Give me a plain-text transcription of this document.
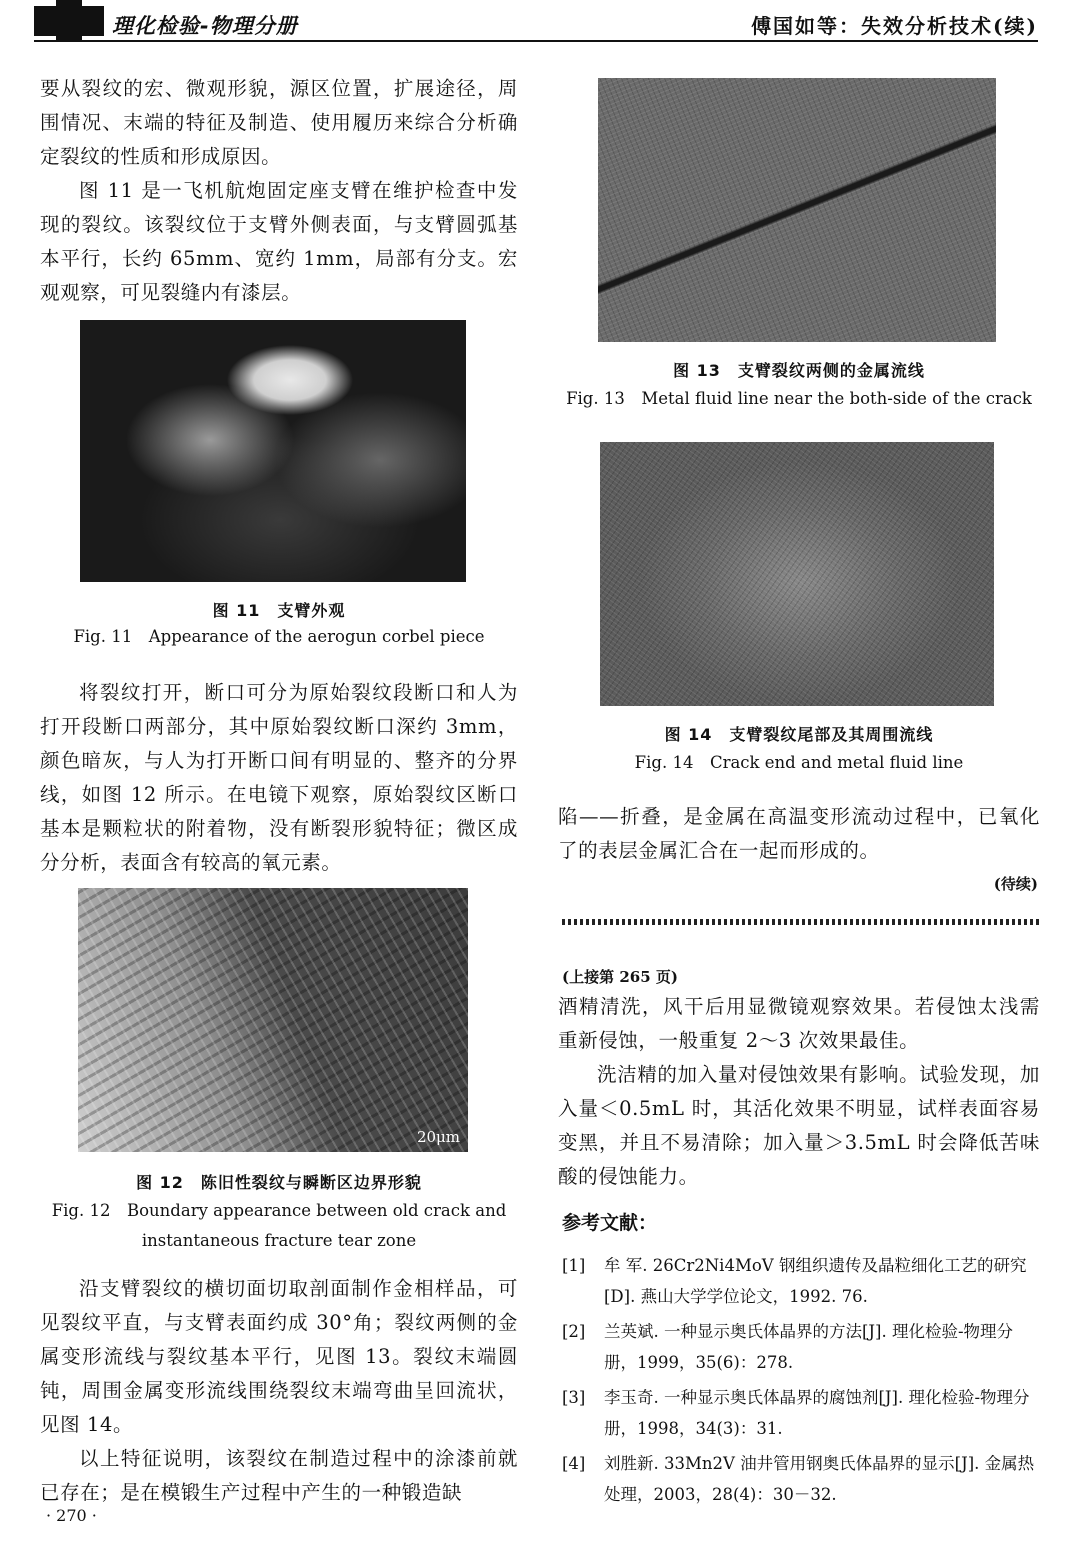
理化检验-物理分册	傅国如等：失效分析技术(续)

要从裂纹的宏、微观形貌，源区位置，扩展途径，周围情况、末端的特征及制造、使用履历来综合分析确定裂纹的性质和形成原因。

图 11 是一飞机航炮固定座支臂在维护检查中发现的裂纹。该裂纹位于支臂外侧表面，与支臂圆弧基本平行，长约 65mm、宽约 1mm，局部有分支。宏观观察，可见裂缝内有漆层。

图 11　支臂外观
Fig. 11　Appearance of the aerogun corbel piece

将裂纹打开，断口可分为原始裂纹段断口和人为打开段断口两部分，其中原始裂纹断口深约 3mm，颜色暗灰，与人为打开断口间有明显的、整齐的分界线，如图 12 所示。在电镜下观察，原始裂纹区断口基本是颗粒状的附着物，没有断裂形貌特征；微区成分分析，表面含有较高的氧元素。

20μm
图 12　陈旧性裂纹与瞬断区边界形貌
Fig. 12　Boundary appearance between old crack and
instantaneous fracture tear zone

沿支臂裂纹的横切面切取剖面制作金相样品，可见裂纹平直，与支臂表面约成 30°角；裂纹两侧的金属变形流线与裂纹基本平行，见图 13。裂纹末端圆钝，周围金属变形流线围绕裂纹末端弯曲呈回流状，见图 14。

以上特征说明，该裂纹在制造过程中的涂漆前就已存在；是在模锻生产过程中产生的一种锻造缺

图 13　支臂裂纹两侧的金属流线
Fig. 13　Metal fluid line near the both-side of the crack
图 14　支臂裂纹尾部及其周围流线
Fig. 14　Crack end and metal fluid line

陷——折叠，是金属在高温变形流动过程中，已氧化了的表层金属汇合在一起而形成的。

(待续)
(上接第 265 页)

酒精清洗，风干后用显微镜观察效果。若侵蚀太浅需重新侵蚀，一般重复 2～3 次效果最佳。

洗洁精的加入量对侵蚀效果有影响。试验发现，加入量＜0.5mL 时，其活化效果不明显，试样表面容易变黑，并且不易清除；加入量＞3.5mL 时会降低苦味酸的侵蚀能力。

参考文献：
[1]	牟 军. 26Cr2Ni4MoV 钢组织遗传及晶粒细化工艺的研究[D]. 燕山大学学位论文，1992. 76.
[2]	兰英斌. 一种显示奥氏体晶界的方法[J]. 理化检验-物理分册，1999，35(6)：278.
[3]	李玉奇. 一种显示奥氏体晶界的腐蚀剂[J]. 理化检验-物理分册，1998，34(3)：31.
[4]	刘胜新. 33Mn2V 油井管用钢奥氏体晶界的显示[J]. 金属热处理，2003，28(4)：30－32.
· 270 ·
